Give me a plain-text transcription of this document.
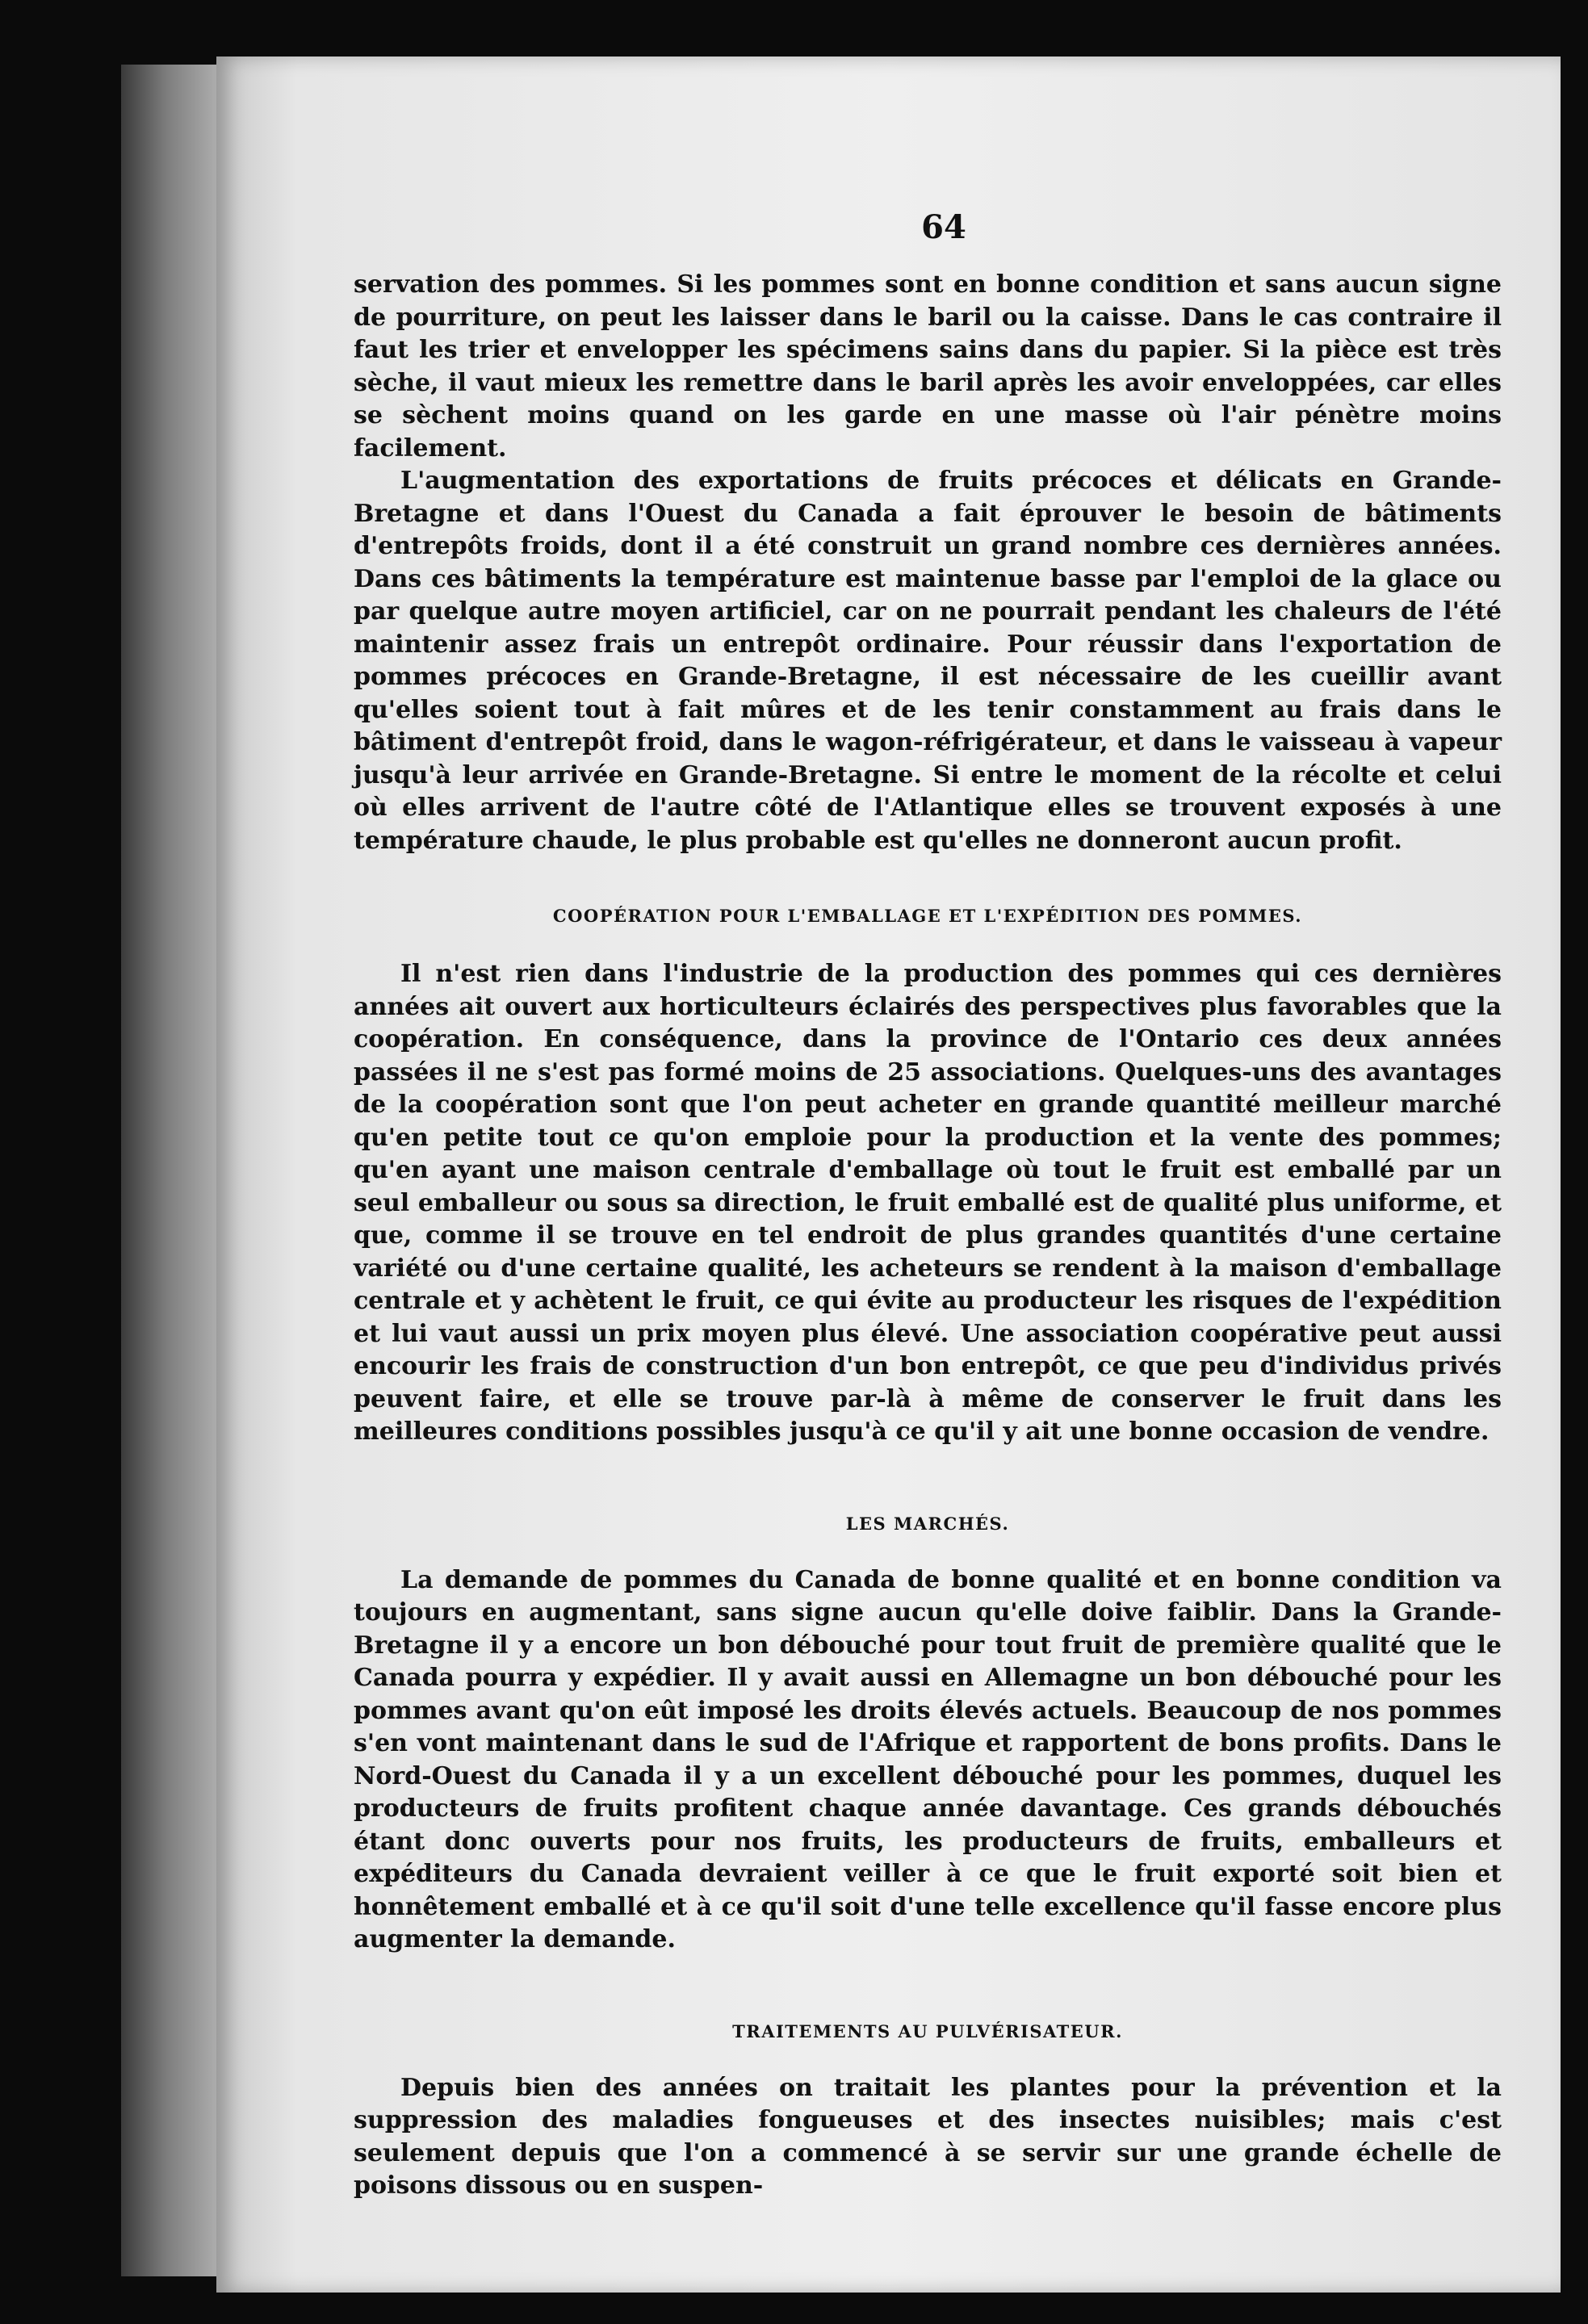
64

servation des pommes. Si les pommes sont en bonne condition et sans aucun signe de pourriture, on peut les laisser dans le baril ou la caisse. Dans le cas contraire il faut les trier et envelopper les spécimens sains dans du papier. Si la pièce est très sèche, il vaut mieux les remettre dans le baril après les avoir enveloppées, car elles se sèchent moins quand on les garde en une masse où l'air pénètre moins facilement.

L'augmentation des exportations de fruits précoces et délicats en Grande-Bretagne et dans l'Ouest du Canada a fait éprouver le besoin de bâtiments d'entrepôts froids, dont il a été construit un grand nombre ces dernières années. Dans ces bâtiments la température est maintenue basse par l'emploi de la glace ou par quelque autre moyen artificiel, car on ne pourrait pendant les chaleurs de l'été maintenir assez frais un entrepôt ordinaire. Pour réussir dans l'exportation de pommes précoces en Grande-Bretagne, il est nécessaire de les cueillir avant qu'elles soient tout à fait mûres et de les tenir constamment au frais dans le bâtiment d'entrepôt froid, dans le wagon-réfrigérateur, et dans le vaisseau à vapeur jusqu'à leur arrivée en Grande-Bretagne. Si entre le moment de la récolte et celui où elles arrivent de l'autre côté de l'Atlantique elles se trouvent exposés à une température chaude, le plus probable est qu'elles ne donneront aucun profit.

COOPÉRATION POUR L'EMBALLAGE ET L'EXPÉDITION DES POMMES.

Il n'est rien dans l'industrie de la production des pommes qui ces dernières années ait ouvert aux horticulteurs éclairés des perspectives plus favorables que la coopération. En conséquence, dans la province de l'Ontario ces deux années passées il ne s'est pas formé moins de 25 associations. Quelques-uns des avantages de la coopération sont que l'on peut acheter en grande quantité meilleur marché qu'en petite tout ce qu'on emploie pour la production et la vente des pommes; qu'en ayant une maison centrale d'emballage où tout le fruit est emballé par un seul emballeur ou sous sa direction, le fruit emballé est de qualité plus uniforme, et que, comme il se trouve en tel endroit de plus grandes quantités d'une certaine variété ou d'une certaine qualité, les acheteurs se rendent à la maison d'emballage centrale et y achètent le fruit, ce qui évite au producteur les risques de l'expédition et lui vaut aussi un prix moyen plus élevé. Une association coopérative peut aussi encourir les frais de construction d'un bon entrepôt, ce que peu d'individus privés peuvent faire, et elle se trouve par-là à même de conserver le fruit dans les meilleures conditions possibles jusqu'à ce qu'il y ait une bonne occasion de vendre.

LES MARCHÉS.

La demande de pommes du Canada de bonne qualité et en bonne condition va toujours en augmentant, sans signe aucun qu'elle doive faiblir. Dans la Grande-Bretagne il y a encore un bon débouché pour tout fruit de première qualité que le Canada pourra y expédier. Il y avait aussi en Allemagne un bon débouché pour les pommes avant qu'on eût imposé les droits élevés actuels. Beaucoup de nos pommes s'en vont maintenant dans le sud de l'Afrique et rapportent de bons profits. Dans le Nord-Ouest du Canada il y a un excellent débouché pour les pommes, duquel les producteurs de fruits profitent chaque année davantage. Ces grands débouchés étant donc ouverts pour nos fruits, les producteurs de fruits, emballeurs et expéditeurs du Canada devraient veiller à ce que le fruit exporté soit bien et honnêtement emballé et à ce qu'il soit d'une telle excellence qu'il fasse encore plus augmenter la demande.

TRAITEMENTS AU PULVÉRISATEUR.

Depuis bien des années on traitait les plantes pour la prévention et la suppression des maladies fongueuses et des insectes nuisibles; mais c'est seulement depuis que l'on a commencé à se servir sur une grande échelle de poisons dissous ou en suspen-
